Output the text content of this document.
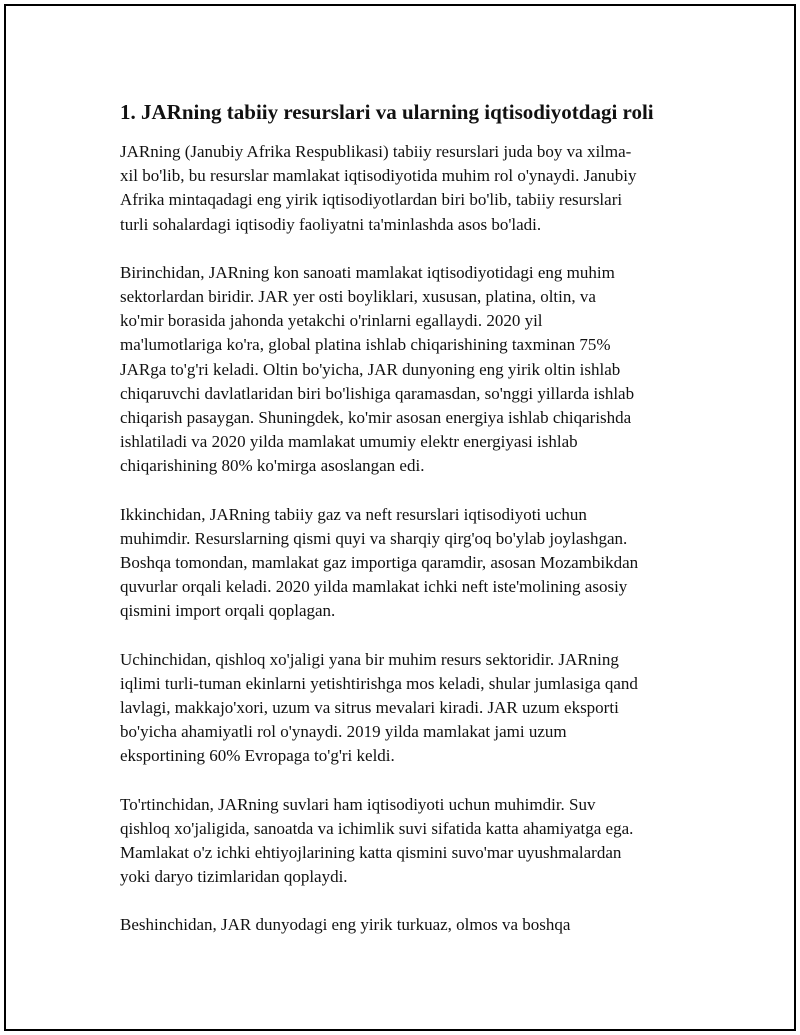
1. JARning tabiiy resurslari va ularning iqtisodiyotdagi roli

JARning (Janubiy Afrika Respublikasi) tabiiy resurslari juda boy va xilma-
xil bo'lib, bu resurslar mamlakat iqtisodiyotida muhim rol o'ynaydi. Janubiy
Afrika mintaqadagi eng yirik iqtisodiyotlardan biri bo'lib, tabiiy resurslari
turli sohalardagi iqtisodiy faoliyatni ta'minlashda asos bo'ladi.

Birinchidan, JARning kon sanoati mamlakat iqtisodiyotidagi eng muhim
sektorlardan biridir. JAR yer osti boyliklari, xususan, platina, oltin, va
ko'mir borasida jahonda yetakchi o'rinlarni egallaydi. 2020 yil
ma'lumotlariga ko'ra, global platina ishlab chiqarishining taxminan 75%
JARga to'g'ri keladi. Oltin bo'yicha, JAR dunyoning eng yirik oltin ishlab
chiqaruvchi davlatlaridan biri bo'lishiga qaramasdan, so'nggi yillarda ishlab
chiqarish pasaygan. Shuningdek, ko'mir asosan energiya ishlab chiqarishda
ishlatiladi va 2020 yilda mamlakat umumiy elektr energiyasi ishlab
chiqarishining 80% ko'mirga asoslangan edi.

Ikkinchidan, JARning tabiiy gaz va neft resurslari iqtisodiyoti uchun
muhimdir. Resurslarning qismi quyi va sharqiy qirg'oq bo'ylab joylashgan.
Boshqa tomondan, mamlakat gaz importiga qaramdir, asosan Mozambikdan
quvurlar orqali keladi. 2020 yilda mamlakat ichki neft iste'molining asosiy
qismini import orqali qoplagan.

Uchinchidan, qishloq xo'jaligi yana bir muhim resurs sektoridir. JARning
iqlimi turli-tuman ekinlarni yetishtirishga mos keladi, shular jumlasiga qand
lavlagi, makkajo'xori, uzum va sitrus mevalari kiradi. JAR uzum eksporti
bo'yicha ahamiyatli rol o'ynaydi. 2019 yilda mamlakat jami uzum
eksportining 60% Evropaga to'g'ri keldi.

To'rtinchidan, JARning suvlari ham iqtisodiyoti uchun muhimdir. Suv
qishloq xo'jaligida, sanoatda va ichimlik suvi sifatida katta ahamiyatga ega.
Mamlakat o'z ichki ehtiyojlarining katta qismini suvo'mar uyushmalardan
yoki daryo tizimlaridan qoplaydi.

Beshinchidan, JAR dunyodagi eng yirik turkuaz, olmos va boshqa
